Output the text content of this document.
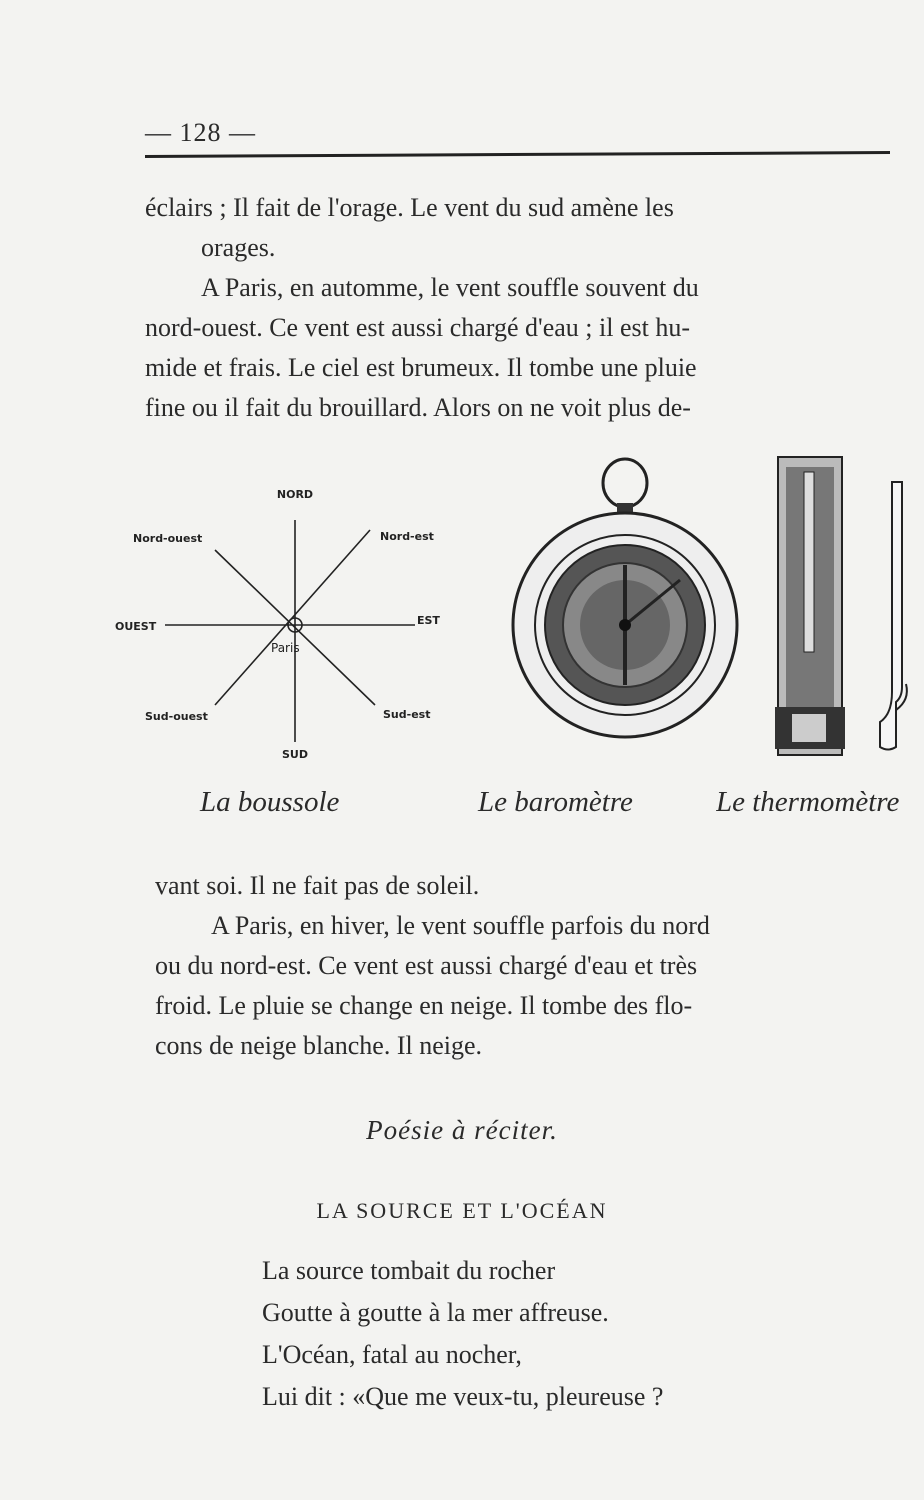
— 128 —
éclairs ; Il fait de l'orage. Le vent du sud amène les
orages.
A Paris, en automme, le vent souffle souvent du
nord-ouest. Ce vent est aussi chargé d'eau ; il est hu-
mide et frais. Le ciel est brumeux. Il tombe une pluie
fine ou il fait du brouillard. Alors on ne voit plus de-
NORD
Nord-est
Nord-ouest
EST
OUEST
Sud-est
Sud-ouest
SUD
Paris
La boussole	Le baromètre	Le thermomètre
vant soi. Il ne fait pas de soleil.
A Paris, en hiver, le vent souffle parfois du nord
ou du nord-est. Ce vent est aussi chargé d'eau et très
froid. Le pluie se change en neige. Il tombe des flo-
cons de neige blanche. Il neige.
Poésie à réciter.
LA SOURCE ET L'OCÉAN
La source tombait du rocher
Goutte à goutte à la mer affreuse.
L'Océan, fatal au nocher,
Lui dit : «Que me veux-tu, pleureuse ?
